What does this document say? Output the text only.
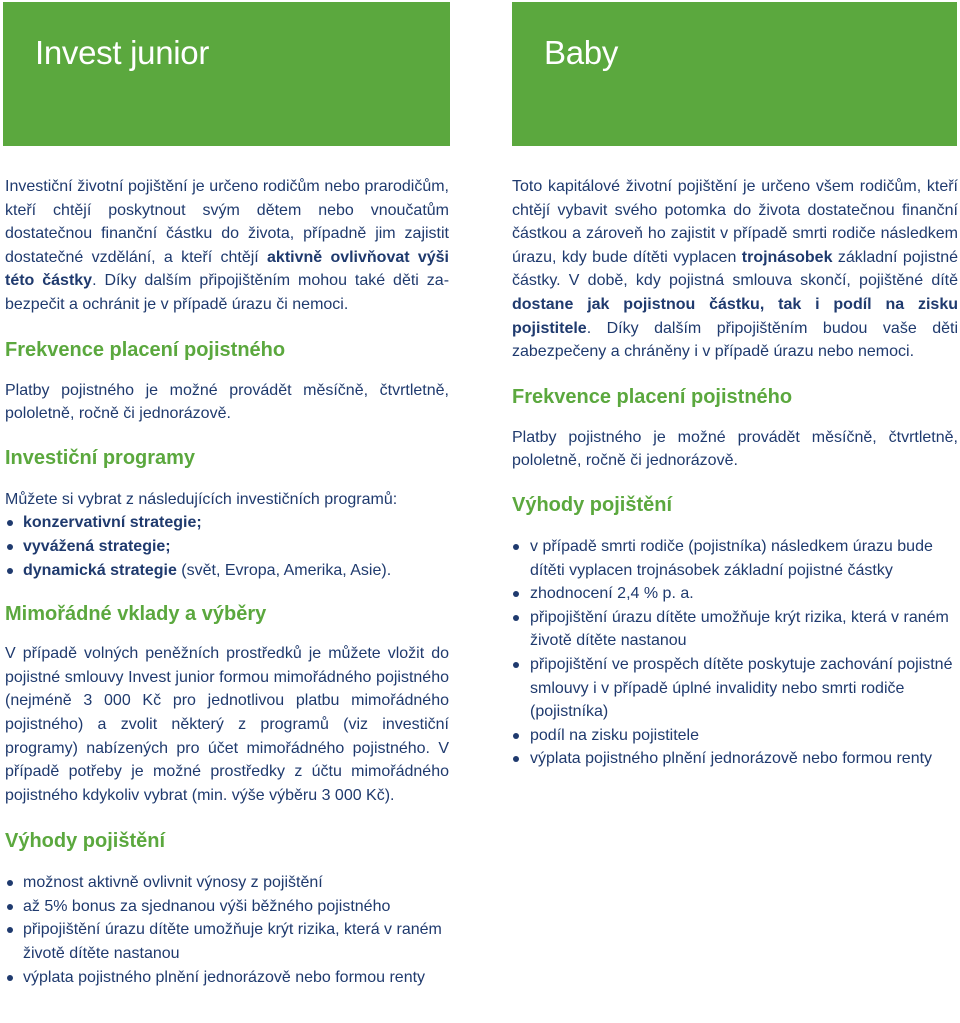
Invest junior	Baby

Investiční životní pojištění je určeno rodičům nebo prarodičům, kteří chtějí poskytnout svým dětem nebo vnoučatům dostatečnou finanční částku do života, případně jim zajistit dostatečné vzdělání, a kteří chtějí aktivně ovlivňovat výši této částky. Díky dalším připojištěním mohou také děti zabezpečit a ochránit je v případě úrazu či nemoci.

Frekvence placení pojistného

Platby pojistného je možné provádět měsíčně, čtvrtletně, pololetně, ročně či jednorázově.

Investiční programy

Můžete si vybrat z následujících investičních programů:

konzervativní strategie;
vyvážená strategie;
dynamická strategie (svět, Evropa, Amerika, Asie).
Mimořádné vklady a výběry

V případě volných peněžních prostředků je můžete vložit do pojistné smlouvy Invest junior formou mimořádného pojistného (nejméně 3 000 Kč pro jednotlivou platbu mimořádného pojistného) a zvolit některý z programů (viz investiční programy) nabízených pro účet mimořádného pojistného. V případě potřeby je možné prostředky z účtu mimořádného pojistného kdykoliv vybrat (min. výše výběru 3 000 Kč).

Výhody pojištění
možnost aktivně ovlivnit výnosy z pojištění
až 5% bonus za sjednanou výši běžného pojistného
připojištění úrazu dítěte umožňuje krýt rizika, která v raném životě dítěte nastanou
výplata pojistného plnění jednorázově nebo formou renty

Toto kapitálové životní pojištění je určeno všem rodičům, kteří chtějí vybavit svého potomka do života dostatečnou finanční částkou a zároveň ho zajistit v případě smrti rodiče následkem úrazu, kdy bude dítěti vyplacen trojnásobek základní pojistné částky. V době, kdy pojistná smlouva skončí, pojištěné dítě dostane jak pojistnou částku, tak i podíl na zisku pojistitele. Díky dalším připojištěním budou vaše děti zabezpečeny a chráněny i v případě úrazu nebo nemoci.

Frekvence placení pojistného

Platby pojistného je možné provádět měsíčně, čtvrtletně, pololetně, ročně či jednorázově.

Výhody pojištění
v případě smrti rodiče (pojistníka) následkem úrazu bude dítěti vyplacen trojnásobek základní pojistné částky
zhodnocení 2,4 % p. a.
připojištění úrazu dítěte umožňuje krýt rizika, která v raném životě dítěte nastanou
připojištění ve prospěch dítěte poskytuje zachování pojistné smlouvy i v případě úplné invalidity nebo smrti rodiče (pojistníka)
podíl na zisku pojistitele
výplata pojistného plnění jednorázově nebo formou renty
